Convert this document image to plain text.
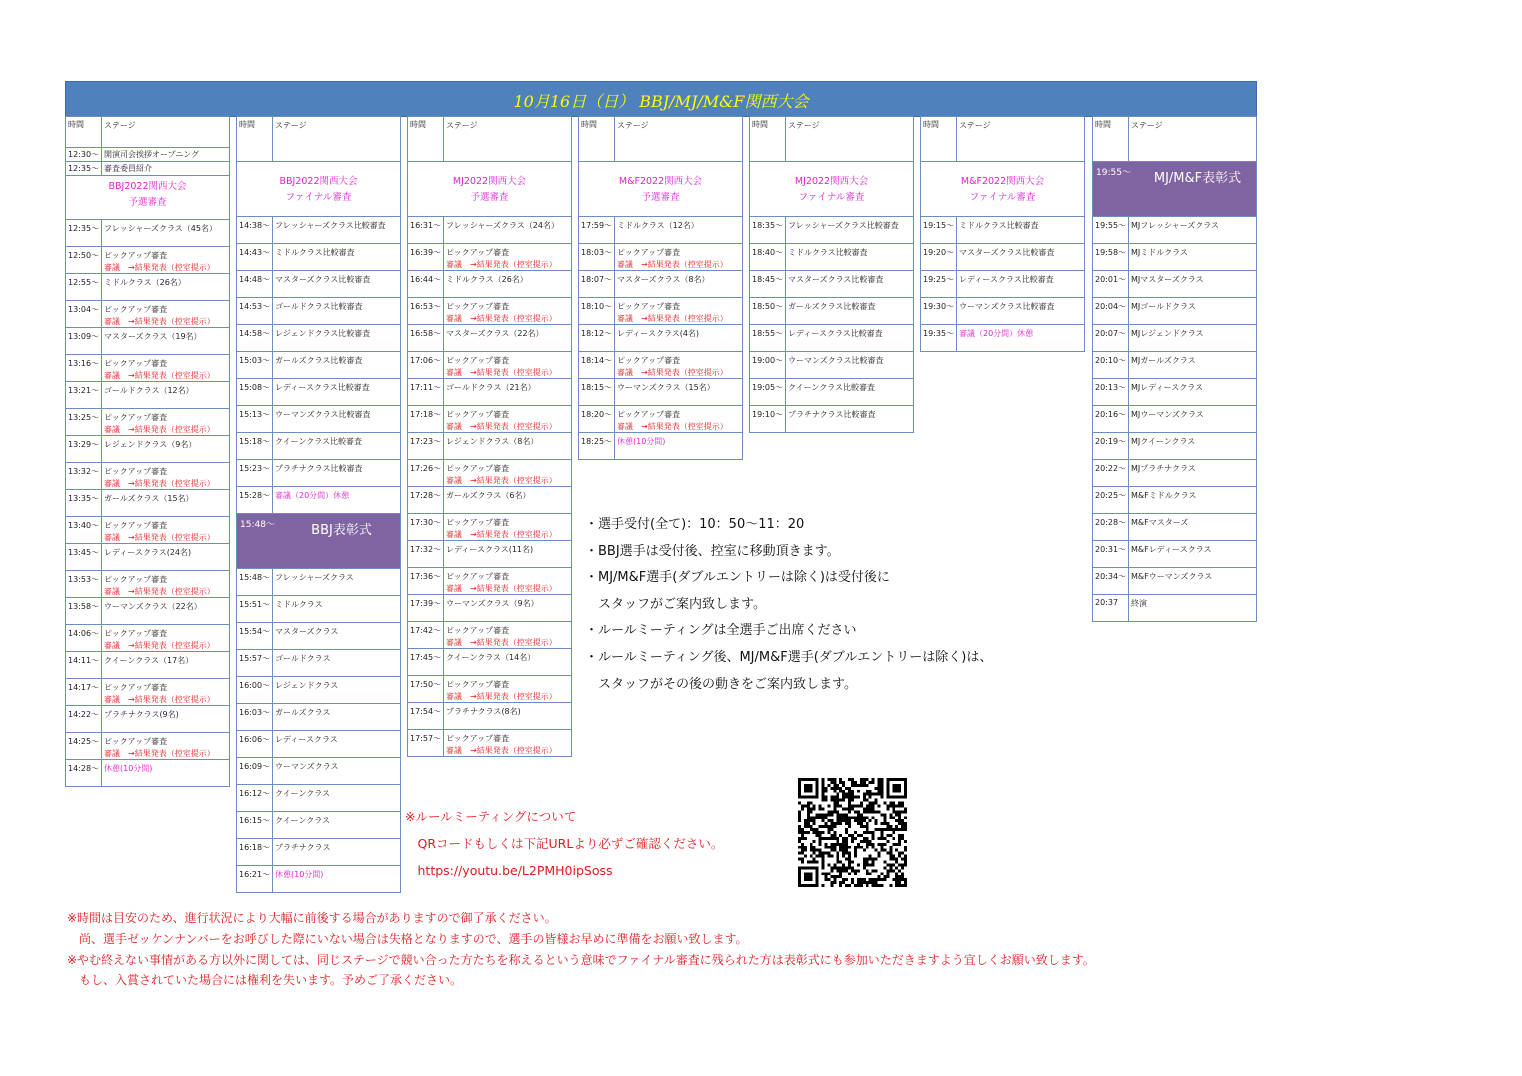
10月16日（日） BBJ/MJ/M&F関西大会
時間	ステージ
12:30～ 開演司会挨拶オープニング
12:35～ 審査委員紹介
BBJ2022関西大会
予選審査
12:35～ フレッシャーズクラス（45名）
12:50～ ピックアップ審査
審議　→結果発表（控室提示）
12:55～ ミドルクラス（26名）
13:04～ ピックアップ審査
審議　→結果発表（控室提示）
13:09～ マスターズクラス（19名）
13:16～ ピックアップ審査
審議　→結果発表（控室提示）
13:21～ ゴールドクラス（12名）
13:25～ ピックアップ審査
審議　→結果発表（控室提示）
13:29～ レジェンドクラス（9名）
13:32～ ピックアップ審査
審議　→結果発表（控室提示）
13:35～ ガールズクラス（15名）
13:40～ ピックアップ審査
審議　→結果発表（控室提示）
13:45～ レディースクラス(24名)
13:53～ ピックアップ審査
審議　→結果発表（控室提示）
13:58～ ウーマンズクラス（22名）
14:06～ ピックアップ審査
審議　→結果発表（控室提示）
14:11～ クイーンクラス（17名）
14:17～ ピックアップ審査
審議　→結果発表（控室提示）
14:22～ プラチナクラス(9名)
14:25～ ピックアップ審査
審議　→結果発表（控室提示）
14:28～ 休憩(10分間)
時間	ステージ
BBJ2022関西大会
ファイナル審査
14:38～ フレッシャーズクラス比較審査
14:43～ ミドルクラス比較審査
14:48～ マスターズクラス比較審査
14:53～ ゴールドクラス比較審査
14:58～ レジェンドクラス比較審査
15:03～ ガールズクラス比較審査
15:08～ レディースクラス比較審査
15:13～ ウーマンズクラス比較審査
15:18～ クイーンクラス比較審査
15:23～ プラチナクラス比較審査
15:28～ 審議（20分間）休憩
15:48～	BBJ表彰式
15:48～ フレッシャーズクラス
15:51～ ミドルクラス
15:54～ マスターズクラス
15:57～ ゴールドクラス
16:00～ レジェンドクラス
16:03～ ガールズクラス
16:06～ レディースクラス
16:09～ ウーマンズクラス
16:12～ クイーンクラス
16:15～ クイーンクラス
16:18～ プラチナクラス
16:21～ 休憩(10分間)
時間	ステージ
MJ2022関西大会
予選審査
16:31～ フレッシャーズクラス（24名）
16:39～ ピックアップ審査
審議　→結果発表（控室提示）
16:44～ ミドルクラス（26名）
16:53～ ピックアップ審査
審議　→結果発表（控室提示）
16:58～ マスターズクラス（22名）
17:06～ ピックアップ審査
審議　→結果発表（控室提示）
17:11～ ゴールドクラス（21名）
17:18～ ピックアップ審査
審議　→結果発表（控室提示）
17:23～ レジェンドクラス（8名）
17:26～ ピックアップ審査
審議　→結果発表（控室提示）
17:28～ ガールズクラス（6名）
17:30～ ピックアップ審査
審議　→結果発表（控室提示）
17:32～ レディースクラス(11名)
17:36～ ピックアップ審査
審議　→結果発表（控室提示）
17:39～ ウーマンズクラス（9名）
17:42～ ピックアップ審査
審議　→結果発表（控室提示）
17:45～ クイーンクラス（14名）
17:50～ ピックアップ審査
審議　→結果発表（控室提示）
17:54～ プラチナクラス(8名)
17:57～ ピックアップ審査
審議　→結果発表（控室提示）
時間	ステージ
M&F2022関西大会
予選審査
17:59～ ミドルクラス（12名）
18:03～ ピックアップ審査
審議　→結果発表（控室提示）
18:07～ マスターズクラス（8名）
18:10～ ピックアップ審査
審議　→結果発表（控室提示）
18:12～ レディースクラス(4名)
18:14～ ピックアップ審査
審議　→結果発表（控室提示）
18:15～ ウーマンズクラス（15名）
18:20～ ピックアップ審査
審議　→結果発表（控室提示）
18:25～ 休憩(10分間)
時間	ステージ
MJ2022関西大会
ファイナル審査
18:35～ フレッシャーズクラス比較審査
18:40～ ミドルクラス比較審査
18:45～ マスターズクラス比較審査
18:50～ ガールズクラス比較審査
18:55～ レディースクラス比較審査
19:00～ ウーマンズクラス比較審査
19:05～ クイーンクラス比較審査
19:10～ プラチナクラス比較審査
時間	ステージ
M&F2022関西大会
ファイナル審査
19:15～ ミドルクラス比較審査
19:20～ マスターズクラス比較審査
19:25～ レディースクラス比較審査
19:30～ ウーマンズクラス比較審査
19:35～ 審議（20分間）休憩
時間	ステージ
19:55～	MJ/M&F表彰式
19:55～ MJフレッシャーズクラス
19:58～ MJミドルクラス
20:01～ MJマスターズクラス
20:04～ MJゴールドクラス
20:07～ MJレジェンドクラス
20:10～ MJガールズクラス
20:13～ MJレディースクラス
20:16～ MJウーマンズクラス
20:19～ MJクイーンクラス
20:22～ MJプラチナクラス
20:25～ M&Fミドルクラス
20:28～ M&Fマスターズ
20:31～ M&Fレディースクラス
20:34～ M&Fウーマンズクラス
20:37	終演
・選手受付(全て)：10：50～11：20
・BBJ選手は受付後、控室に移動頂きます。
・MJ/M&F選手(ダブルエントリーは除く)は受付後に
　スタッフがご案内致します。
・ルールミーティングは全選手ご出席ください
・ルールミーティング後、MJ/M&F選手(ダブルエントリーは除く)は、
　スタッフがその後の動きをご案内致します。
※ルールミーティングについて
　QRコードもしくは下記URLより必ずご確認ください。
　https://youtu.be/L2PMH0ipSoss
※時間は目安のため、進行状況により大幅に前後する場合がありますので御了承ください。
　尚、選手ゼッケンナンバーをお呼びした際にいない場合は失格となりますので、選手の皆様お早めに準備をお願い致します。
※やむ終えない事情がある方以外に関しては、同じステージで競い合った方たちを称えるという意味でファイナル審査に残られた方は表彰式にも参加いただきますよう宜しくお願い致します。
　もし、入賞されていた場合には権利を失います。予めご了承ください。
